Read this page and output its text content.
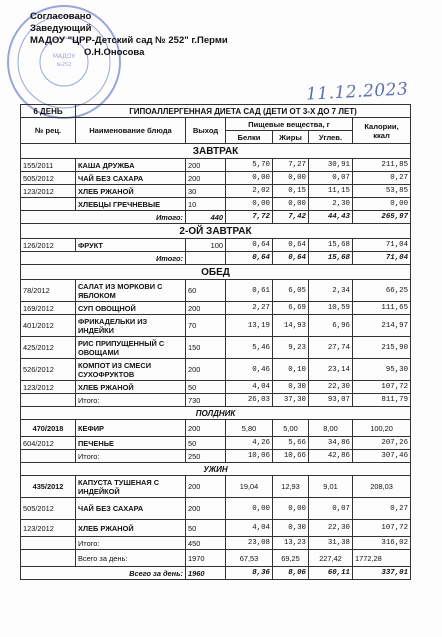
МАДОУ
№252
Согласовано
Заведующий
МАДОУ "ЦРР-Детский сад № 252" г.Перми
О.Н.Оносова
11.12.2023
6 ДЕНЬ	ГИПОАЛЛЕРГЕННАЯ ДИЕТА САД (ДЕТИ ОТ 3-Х ДО 7 ЛЕТ)					
№ рец.	Наименование блюда	Выход	Пищевые вещества, г			Калории, ккал
			Белки	Жиры	Углев.	
ЗАВТРАК						
155/2011	КАША ДРУЖБА	200	5,70	7,27	30,91	211,85
505/2012	ЧАЙ БЕЗ САХАРА	200	0,00	0,00	0,07	0,27
123/2012	ХЛЕБ РЖАНОЙ	30	2,02	0,15	11,15	53,85
	ХЛЕБЦЫ ГРЕЧНЕВЫЕ	10	0,00	0,00	2,30	0,00
Итого:		440	7,72	7,42	44,43	265,97
2-ОЙ ЗАВТРАК						
126/2012	ФРУКТ	100	0,64	0,64	15,68	71,04
Итого:			0,64	0,64	15,68	71,04
ОБЕД						
78/2012	САЛАТ ИЗ МОРКОВИ С ЯБЛОКОМ	60	0,61	6,05	2,34	66,25
169/2012	СУП ОВОЩНОЙ	200	2,27	6,69	10,59	111,65
401/2012	ФРИКАДЕЛЬКИ ИЗ ИНДЕЙКИ	70	13,19	14,93	6,96	214,97
425/2012	РИС ПРИПУЩЕННЫЙ С ОВОЩАМИ	150	5,46	9,23	27,74	215,90
526/2012	КОМПОТ ИЗ СМЕСИ СУХОФРУКТОВ	200	0,46	0,10	23,14	95,30
123/2012	ХЛЕБ РЖАНОЙ	50	4,04	0,30	22,30	107,72
	Итого:	730	26,03	37,30	93,07	811,79
ПОЛДНИК						
470/2018	КЕФИР	200	5,80	5,00	8,00	100,20
604/2012	ПЕЧЕНЬЕ	50	4,26	5,66	34,86	207,26
	Итого:	250	10,06	10,66	42,86	307,46
УЖИН						
435/2012	КАПУСТА ТУШЕНАЯ С ИНДЕЙКОЙ	200	19,04	12,93	9,01	208,03
505/2012	ЧАЙ БЕЗ САХАРА	200	0,00	0,00	0,07	0,27
123/2012	ХЛЕБ РЖАНОЙ	50	4,04	0,30	22,30	107,72
	Итого:	450	23,08	13,23	31,38	316,02
	Всего за день:	1970	67,53	69,25	227,42	1772,28
Всего за день:		1960	8,36	8,06	60,11	337,01
